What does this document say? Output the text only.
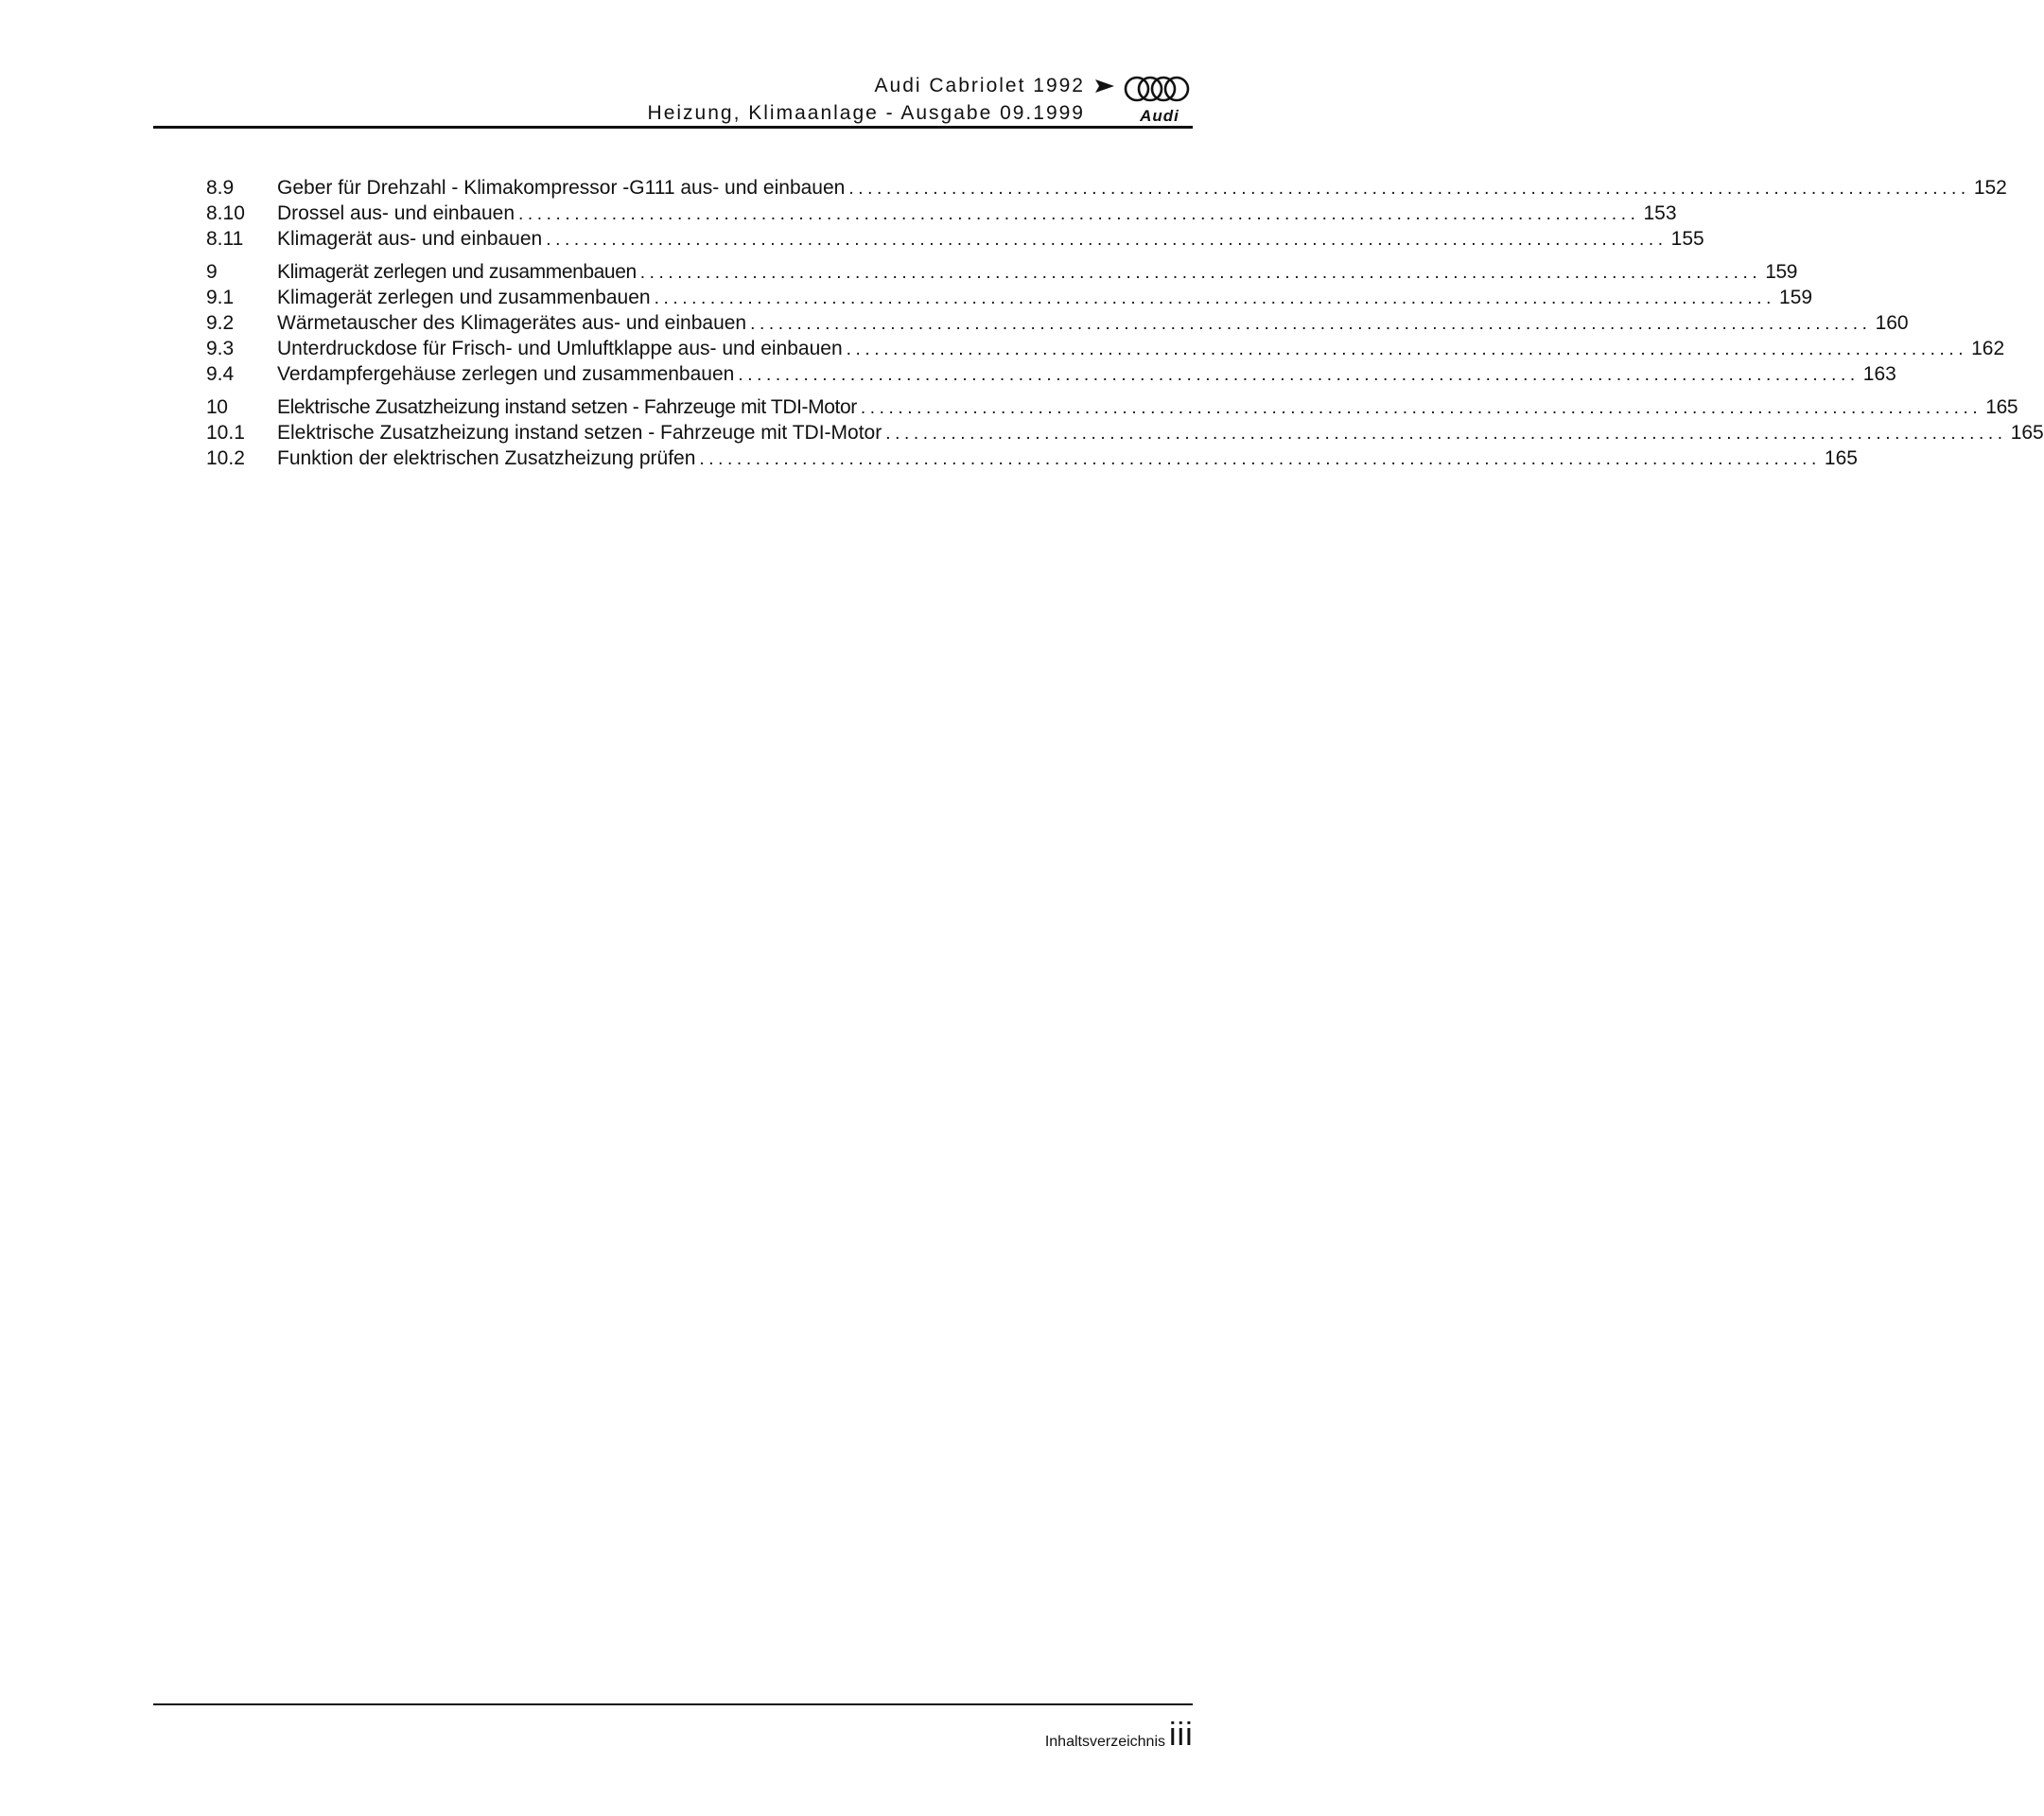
Audi Cabriolet 1992
Heizung, Klimaanlage - Ausgabe 09.1999	Audi
8.9	Geber für Drehzahl - Klimakompressor -G111 aus- und einbauen ........................................................................................................................ 152
8.10	Drossel aus- und einbauen ........................................................................................................................ 153
8.11	Klimagerät aus- und einbauen ........................................................................................................................ 155
9	Klimagerät zerlegen und zusammenbauen ........................................................................................................................ 159
9.1	Klimagerät zerlegen und zusammenbauen ........................................................................................................................ 159
9.2	Wärmetauscher des Klimagerätes aus- und einbauen ........................................................................................................................ 160
9.3	Unterdruckdose für Frisch- und Umluftklappe aus- und einbauen ........................................................................................................................ 162
9.4	Verdampfergehäuse zerlegen und zusammenbauen ........................................................................................................................ 163
10	Elektrische Zusatzheizung instand setzen - Fahrzeuge mit TDI-Motor ........................................................................................................................ 165
10.1	Elektrische Zusatzheizung instand setzen - Fahrzeuge mit TDI-Motor ........................................................................................................................ 165
10.2	Funktion der elektrischen Zusatzheizung prüfen ........................................................................................................................ 165
Inhaltsverzeichnis iii
